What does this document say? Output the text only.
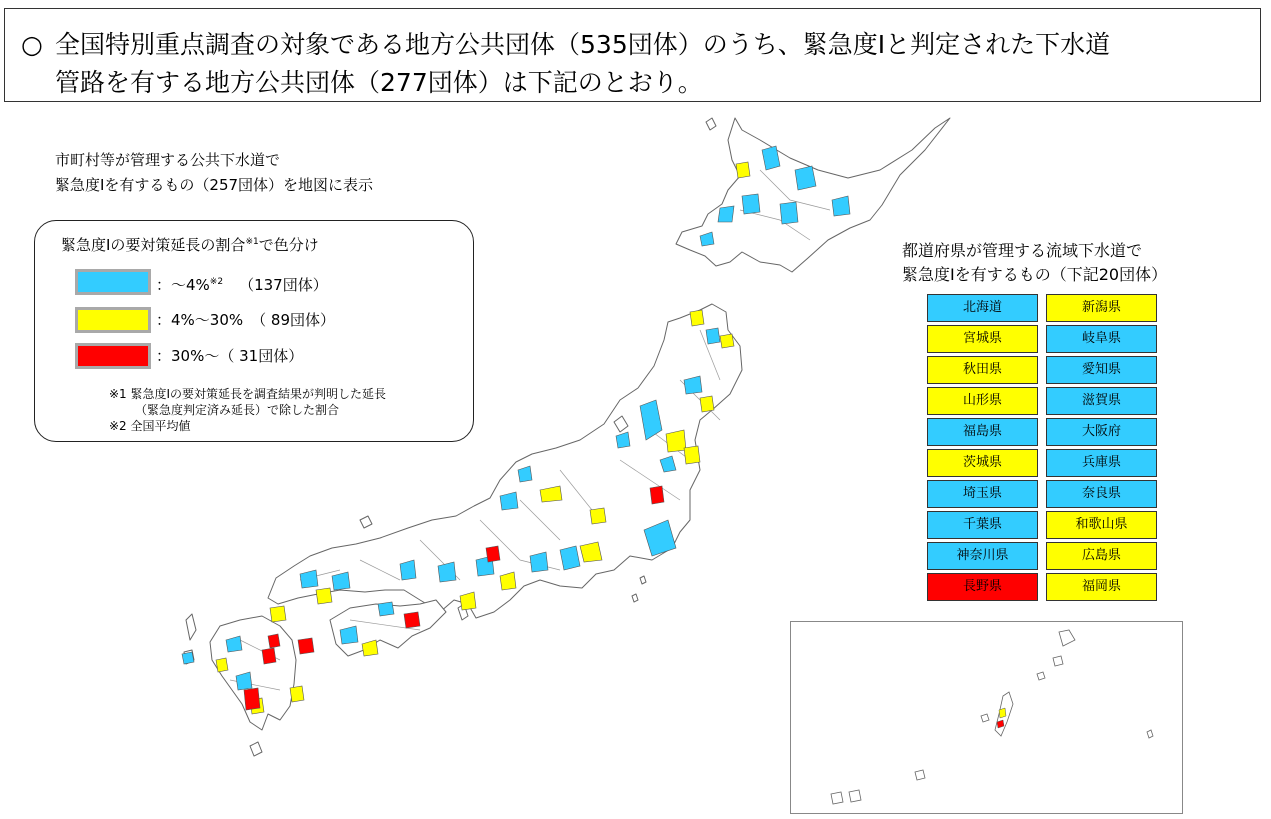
○ 全国特別重点調査の対象である地方公共団体（535団体）のうち、緊急度Ⅰと判定された下水道
管路を有する地方公共団体（277団体）は下記のとおり。
市町村等が管理する公共下水道で
緊急度Ⅰを有するもの（257団体）を地図に表示
緊急度Ⅰの要対策延長の割合$^{※1}$で色分け
：〜4%$^{※2}$ （137団体）
：4%〜30% （ 89団体）
：30%〜（ 31団体）
※1 緊急度Ⅰの要対策延長を調査結果が判明した延長
（緊急度判定済み延長）で除した割合
※2 全国平均値
都道府県が管理する流域下水道で
緊急度Ⅰを有するもの（下記20団体）
北海道
宮城県
秋田県
山形県
福島県
茨城県
埼玉県
千葉県
神奈川県
長野県
新潟県
岐阜県
愛知県
滋賀県
大阪府
兵庫県
奈良県
和歌山県
広島県
福岡県
